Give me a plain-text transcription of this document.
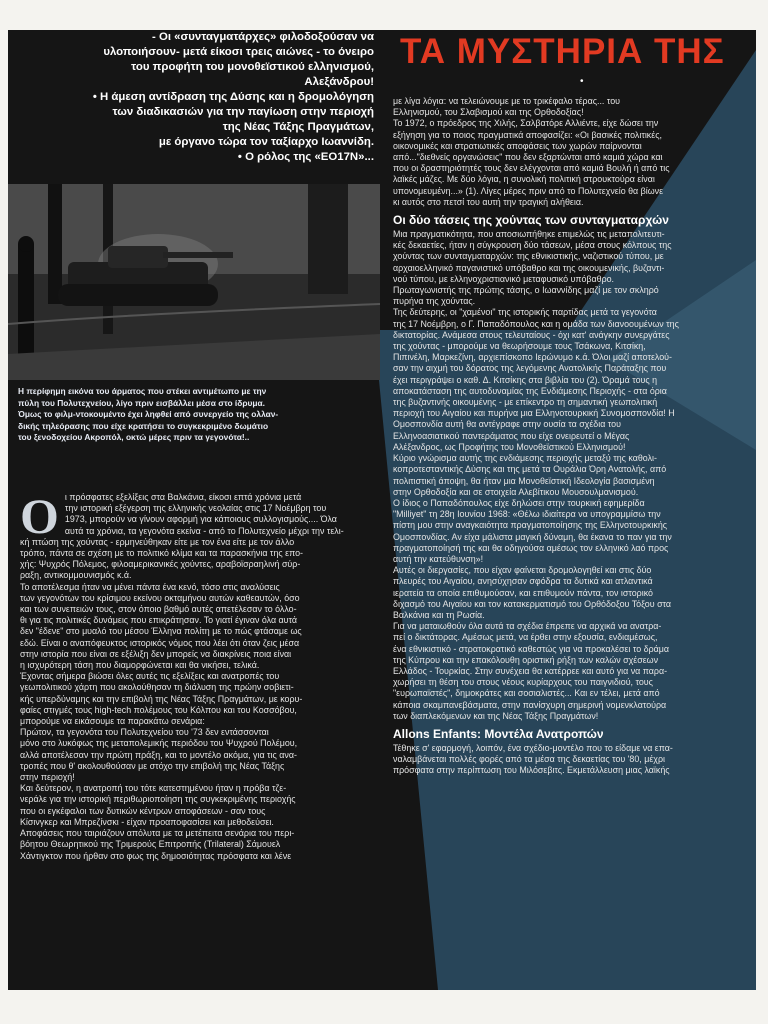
- Οι «συνταγματάρχες» φιλοδοξούσαν να
υλοποιήσουν- μετά είκοσι τρεις αιώνες - το όνειρο
του προφήτη του μονοθεϊστικού ελληνισμού,
Αλεξάνδρου!
• Η άμεση αντίδραση της Δύσης και η δρομολόγηση
των διαδικασιών για την παγίωση στην περιοχή
της Νέας Τάξης Πραγμάτων,
με όργανο τώρα τον ταξίαρχο Ιωαννίδη.
• Ο ρόλος της «ΕΟ17Ν»...
Η περίφημη εικόνα του άρματος που στέκει αντιμέτωπο με την
πύλη του Πολυτεχνείου, λίγο πριν εισβάλλει μέσα στο ίδρυμα.
Όμως το φιλμ-ντοκουμέντο έχει ληφθεί από συνεργείο της ολλαν-
δικής τηλεόρασης που είχε κρατήσει το συγκεκριμένο δωμάτιο
του ξενοδοχείου Ακροπόλ, οκτώ μέρες πριν τα γεγονότα!..
Ο ι πρόσφατες εξελίξεις στα Βαλκάνια, είκοσι επτά χρόνια μετά
την ιστορική εξέγερση της ελληνικής νεολαίας στις 17 Νοέμβρη του
1973, μπορούν να γίνουν αφορμή για κάποιους συλλογισμούς.... Όλα
αυτά τα χρόνια, τα γεγονότα εκείνα - από το Πολυτεχνείο μέχρι την τελι-
κή πτώση της χούντας - ερμηνεύθηκαν είτε με τον ένα είτε με τον άλλο
τρόπο, πάντα σε σχέση με το πολιτικό κλίμα και τα παρασκήνια της επο-
χής: Ψυχρός Πόλεμος, φιλοαμερικανικές χούντες, αραβοϊσραηλινή σύρ-
ραξη, αντικομμουνισμός κ.ά.
Το αποτέλεσμα ήταν να μένει πάντα ένα κενό, τόσο στις αναλύσεις
των γεγονότων του κρίσιμου εκείνου οκταμήνου αυτών καθεαυτών, όσο
και των συνεπειών τους, στον όποιο βαθμό αυτές απετέλεσαν το όλλο-
θι για τις πολιτικές δυνάμεις που επικράτησαν. Το γιατί έγιναν όλα αυτά
δεν "έδενε" στο μυαλό του μέσου Έλληνα πολίτη με το πώς φτάσαμε ως
εδώ. Είναι ο αναπόφευκτος ιστορικός νόμος που λέει ότι όταν ζεις μέσα
στην ιστορία που είναι σε εξέλιξη δεν μπορείς να διακρίνεις ποια είναι
η ισχυρότερη τάση που διαμορφώνεται και θα νικήσει, τελικά.
Έχοντας σήμερα βιώσει όλες αυτές τις εξελίξεις και ανατροπές του
γεωπολιτικού χάρτη που ακολούθησαν τη διάλυση της πρώην σοβιετι-
κής υπερδύναμης και την επιβολή της Νέας Τάξης Πραγμάτων, με κορυ-
φαίες στιγμές τους high-tech πολέμους του Κόλπου και του Κοσσόβου,
μπορούμε να εικάσουμε τα παρακάτω σενάρια:
Πρώτον, τα γεγονότα του Πολυτεχνείου του '73 δεν εντάσσονται
μόνο στο λυκόφως της μεταπολεμικής περιόδου του Ψυχρού Πολέμου,
αλλά αποτέλεσαν την πρώτη πράξη, και το μοντέλο ακόμα, για τις ανα-
τροπές που θ' ακολουθούσαν με στόχο την επιβολή της Νέας Τάξης
στην περιοχή!
Και δεύτερον, η ανατροπή του τότε κατεστημένου ήταν η πρόβα τζε-
νεράλε για την ιστορική περιθωριοποίηση της συγκεκριμένης περιοχής
που οι εγκέφαλοι των δυτικών κέντρων αποφάσεων - σαν τους
Κίσινγκερ και Μπρεζίνσκι - είχαν προαποφασίσει και μεθοδεύσει.
Αποφάσεις που ταιριάζουν απόλυτα με τα μετέπειτα σενάρια του περι-
βόητου Θεωρητικού της Τριμερούς Επιτροπής (Trilateral) Σάμουελ
Χάντιγκτον που ήρθαν στο φως της δημοσιότητας πρόσφατα και λένε
ΤΑ ΜΥΣΤΗΡΙΑ ΤΗΣ
•
με λίγα λόγια: να τελειώνουμε με το τρικέφαλο τέρας... του
Ελληνισμού, του Σλαβισμού και της Ορθοδοξίας!
Το 1972, ο πρόεδρος της Χιλής, Σαλβατόρε Αλλιέντε, είχε δώσει την
εξήγηση για το ποιος πραγματικά αποφασίζει: «Οι βασικές πολιτικές,
οικονομικές και στρατιωτικές αποφάσεις των χωρών παίρνονται
από..."διεθνείς οργανώσεις" που δεν εξαρτώνται από καμιά χώρα και
που οι δραστηριότητές τους δεν ελέγχονται από καμιά Βουλή ή από τις
λαϊκές μάζες. Με δύο λόγια, η συνολική πολιτική στρουκτούρα είναι
υπονομευμένη...» (1). Λίγες μέρες πριν από το Πολυτεχνείο θα βίωνε
κι αυτός στο πετσί του αυτή την τραγική αλήθεια.
Οι δύο τάσεις της χούντας των συνταγματαρχών
Μια πραγματικότητα, που αποσιωπήθηκε επιμελώς τις μεταπολιτευτι-
κές δεκαετίες, ήταν η σύγκρουση δύο τάσεων, μέσα στους κόλπους της
χούντας των συνταγματαρχών: της εθνικιστικής, ναζιστικού τύπου, με
αρχαιοελληνικό παγανιστικό υπόβαθρο και της οικουμενικής, βυζαντι-
νού τύπου, με ελληνοχριστιανικό μεταφυσικό υπόβαθρο.
Πρωταγωνιστής της πρώτης τάσης, ο Ιωαννίδης μαζί με τον σκληρό
πυρήνα της χούντας.
Της δεύτερης, οι "χαμένοι" της ιστορικής παρτίδας μετά τα γεγονότα
της 17 Νοέμβρη, ο Γ. Παπαδόπουλος και η ομάδα των διανοουμένων της
δικτατορίας. Ανάμεσα στους τελευταίους - όχι κατ' ανάγκην συνεργάτες
της χούντας - μπορούμε να θεωρήσουμε τους Τσάκωνα, Κιτσίκη,
Πιπινέλη, Μαρκεζίνη, αρχιεπίσκοπο Ιερώνυμο κ.ά. Όλοι μαζί αποτελού-
σαν την αιχμή του δόρατος της λεγόμενης Ανατολικής Παράταξης που
έχει περιγράψει ο καθ. Δ. Κιτσίκης στα βιβλία του (2). Όραμά τους η
αποκατάσταση της αυτοδυναμίας της Ενδιάμεσης Περιοχής - στα όρια
της βυζαντινής οικουμένης - με επίκεντρο τη σημαντική γεωπολιτική
περιοχή του Αιγαίου και πυρήνα μια Ελληνοτουρκική Συνομοσπονδία! Η
Ομοσπονδία αυτή θα αντέγραφε στην ουσία τα σχέδια του
Ελληνοασιατικού παντεράματος που είχε ονειρευτεί ο Μέγας
Αλέξανδρος, ως Προφήτης του Μονοθεϊστικού Ελληνισμού!
Κύριο γνώρισμα αυτής της ενδιάμεσης περιοχής μεταξύ της καθολι-
κοπροτεσταντικής Δύσης και της μετά τα Ουράλια Όρη Ανατολής, από
πολιτιστική άποψη, θα ήταν μια Μονοθεϊστική Ιδεολογία βασισμένη
στην Ορθοδοξία και σε στοιχεία Αλεβίτικου Μουσουλμανισμού.
Ο ίδιος ο Παπαδόπουλος είχε δηλώσει στην τουρκική εφημερίδα
"Milliyet" τη 28η Ιουνίου 1968: «Θέλω ιδιαίτερα να υπογραμμίσω την
πίστη μου στην αναγκαιότητα πραγματοποίησης της Ελληνοτουρκικής
Ομοσπονδίας. Αν είχα μάλιστα μαγική δύναμη, θα έκανα το παν για την
πραγματοποίησή της και θα οδηγούσα αμέσως τον ελληνικό λαό προς
αυτή την κατεύθυνση»!
Αυτές οι διεργασίες, που είχαν φαίνεται δρομολογηθεί και στις δύο
πλευρές του Αιγαίου, ανησύχησαν σφόδρα τα δυτικά και ατλαντικά
ιερατεία τα οποία επιθυμούσαν, και επιθυμούν πάντα, τον ιστορικό
διχασμό του Αιγαίου και τον κατακερματισμό του Ορθόδοξου Τόξου στα
Βαλκάνια και τη Ρωσία.
Για να ματαιωθούν όλα αυτά τα σχέδια έπρεπε να αρχικά να ανατρα-
πεί ο δικτάτορας. Αμέσως μετά, να έρθει στην εξουσία, ενδιαμέσως,
ένα εθνικιστικό - στρατοκρατικό καθεστώς για να προκαλέσει το δράμα
της Κύπρου και την επακόλουθη οριστική ρήξη των καλών σχέσεων
Ελλάδος - Τουρκίας. Στην συνέχεια θα κατέρρεε και αυτό για να παρα-
χωρήσει τη θέση του στους νέους κυρίαρχους του παιγνιδιού, τους
"ευρωπαϊστές", δημοκράτες και σοσιαλιστές... Και εν τέλει, μετά από
κάποια σκαμπανεβάσματα, στην πανίσχυρη σημερινή νομενκλατούρα
των διαπλεκόμενων και της Νέας Τάξης Πραγμάτων!
Allons Enfants: Μοντέλα Ανατροπών
Τέθηκε σ' εφαρμογή, λοιπόν, ένα σχέδιο-μοντέλο που το είδαμε να επα-
ναλαμβάνεται πολλές φορές από τα μέσα της δεκαετίας του '80, μέχρι
πρόσφατα στην περίπτωση του Μιλόσεβιτς. Εκμετάλλευση μιας λαϊκής
